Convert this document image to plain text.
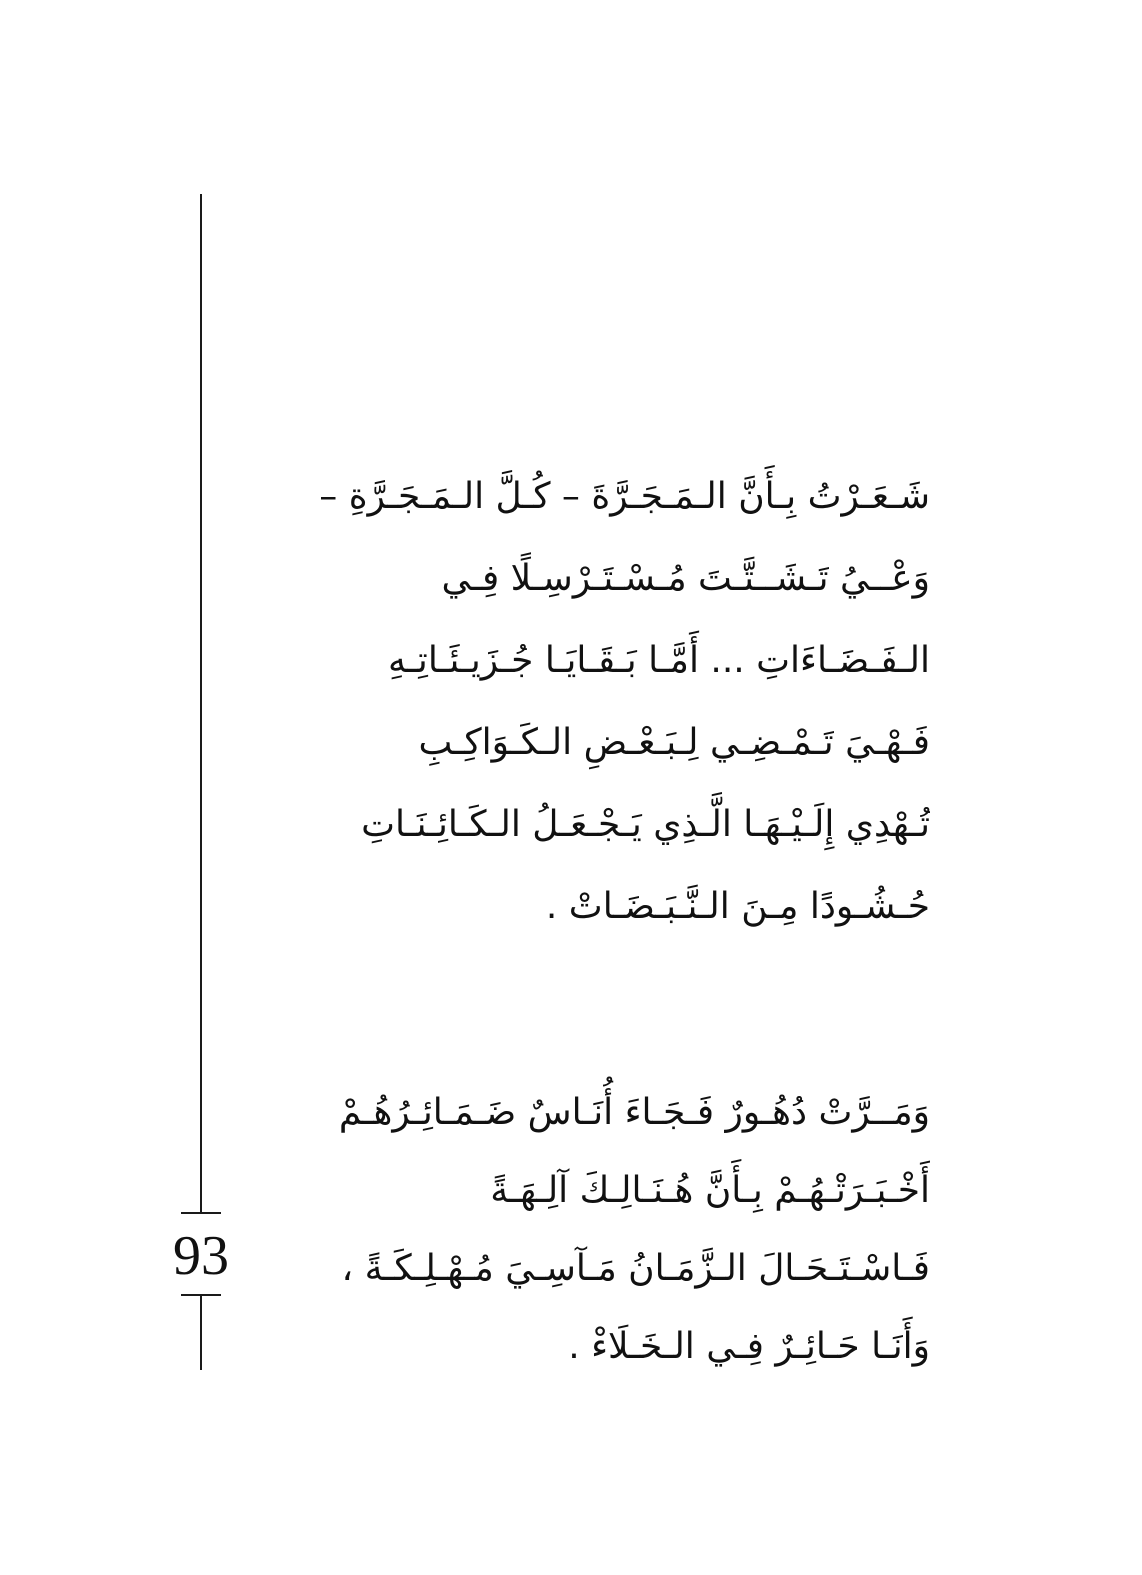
93
شَـعَـرْتُ بِـأَنَّ الـمَـجَـرَّةَ – كُـلَّ الـمَـجَـرَّةِ –
وَعْــيُ تَـشَــتَّـتَ مُـسْـتَـرْسِـلًا فِـي
الـفَـضَـاءَاتِ ... أَمَّـا بَـقَـايَـا جُـزَيـئَـاتِـهِ
فَـهْـيَ تَـمْـضِـي لِـبَـعْـضِ الـكَـوَاكِـبِ
تُـهْدِي إِلَـيْـهَـا الَّـذِي يَـجْـعَـلُ الـكَـائِـنَـاتِ
حُـشُـودًا مِـنَ الـنَّـبَـضَـاتْ .
وَمَــرَّتْ دُهُـورٌ فَـجَـاءَ أُنَـاسٌ ضَـمَـائِـرُهُـمْ
أَخْـبَـرَتْـهُـمْ بِـأَنَّ هُـنَـالِـكَ آلِـهَـةً
فَـاسْـتَـحَـالَ الـزَّمَـانُ مَـآسِـيَ مُـهْـلِـكَـةً ،
وَأَنَـا حَـائِـرٌ فِـي الـخَـلَاءْ .
